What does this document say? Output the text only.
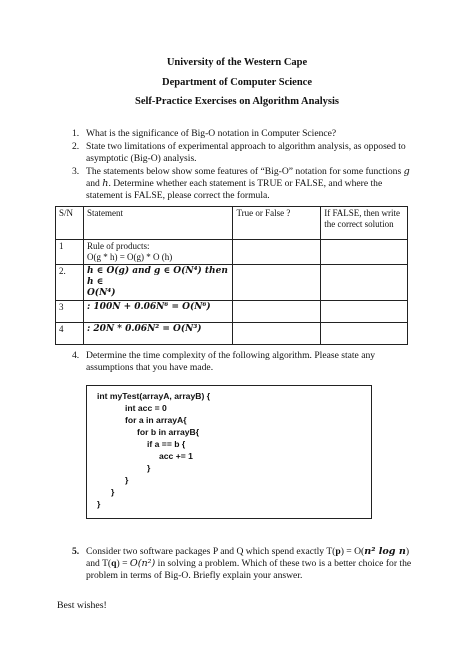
University of the Western Cape
Department of Computer Science
Self-Practice Exercises on Algorithm Analysis
1. What is the significance of Big-O notation in Computer Science?
2. State two limitations of experimental approach to algorithm analysis, as opposed to
asymptotic (Big-O) analysis.
3. The statements below show some features of “Big-O” notation for some functions g
and h. Determine whether each statement is TRUE or FALSE, and where the
statement is FALSE, please correct the formula.
S/N	Statement	True or False ?	If FALSE, then write the correct solution
1	Rule of products:
O(g * h) = O(g) * O (h)		

2.	h ∈ O(g) and g ∈ O(N⁴) then h ∈
O(N⁴)		

3	: 100N + 0.06N⁶ = O(N⁶)		
4	: 20N * 0.06N² = O(N³)		
4. Determine the time complexity of the following algorithm. Please state any
assumptions that you have made.
int myTest(arrayA, arrayB) {
int acc = 0
for a in arrayA{
for b in arrayB{
if a == b {
acc += 1
}
}
}
}
5. Consider two software packages P and Q which spend exactly T(p) = O(n² log n)
and T(q) = O(n²) in solving a problem. Which of these two is a better choice for the
problem in terms of Big-O. Briefly explain your answer.
Best wishes!
